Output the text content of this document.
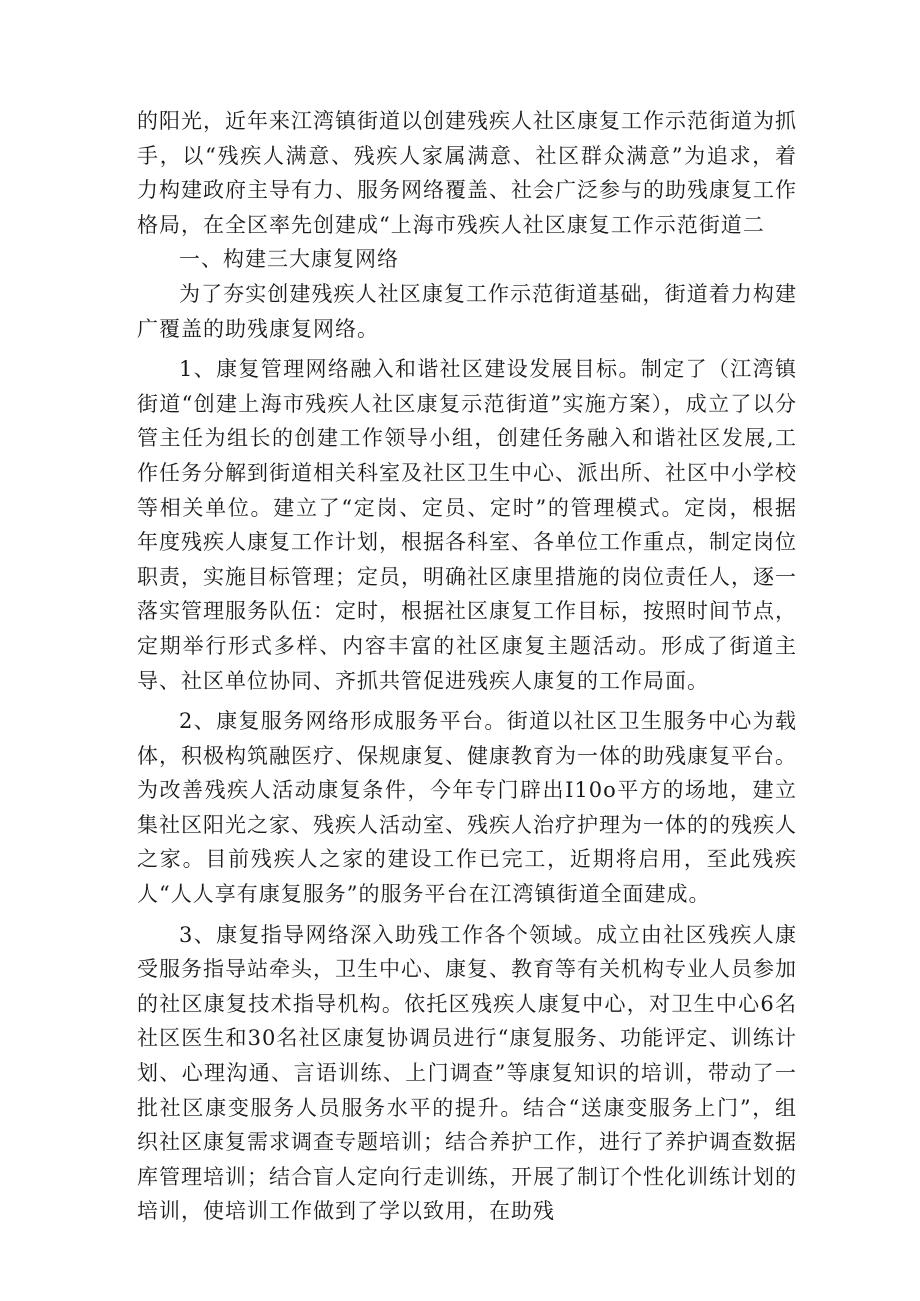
的阳光，近年来江湾镇街道以创建残疾人社区康复工作示范街道为抓手，以“残疾人满意、残疾人家属满意、社区群众满意”为追求，着力构建政府主导有力、服务网络覆盖、社会广泛参与的助残康复工作格局，在全区率先创建成“上海市残疾人社区康复工作示范街道二

一、构建三大康复网络

为了夯实创建残疾人社区康复工作示范街道基础，街道着力构建广覆盖的助残康复网络。

1、康复管理网络融入和谐社区建设发展目标。制定了（江湾镇街道“创建上海市残疾人社区康复示范街道”实施方案），成立了以分管主任为组长的创建工作领导小组，创建任务融入和谐社区发展,工作任务分解到街道相关科室及社区卫生中心、派出所、社区中小学校等相关单位。建立了“定岗、定员、定时”的管理模式。定岗，根据年度残疾人康复工作计划，根据各科室、各单位工作重点，制定岗位职责，实施目标管理；定员，明确社区康里措施的岗位责任人，逐一落实管理服务队伍：定时，根据社区康复工作目标，按照时间节点，定期举行形式多样、内容丰富的社区康复主题活动。形成了街道主导、社区单位协同、齐抓共管促进残疾人康复的工作局面。

2、康复服务网络形成服务平台。街道以社区卫生服务中心为载体，积极构筑融医疗、保规康复、健康教育为一体的助残康复平台。为改善残疾人活动康复条件，今年专门辟出I10o平方的场地，建立集社区阳光之家、残疾人活动室、残疾人治疗护理为一体的的残疾人之家。目前残疾人之家的建设工作已完工，近期将启用，至此残疾人“人人享有康复服务”的服务平台在江湾镇街道全面建成。

3、康复指导网络深入助残工作各个领域。成立由社区残疾人康受服务指导站牵头，卫生中心、康复、教育等有关机构专业人员参加的社区康复技术指导机构。依托区残疾人康复中心，对卫生中心6名社区医生和30名社区康复协调员进行“康复服务、功能评定、训练计划、心理沟通、言语训练、上门调查”等康复知识的培训，带动了一批社区康变服务人员服务水平的提升。结合“送康变服务上门”，组织社区康复需求调查专题培训；结合养护工作，进行了养护调查数据库管理培训；结合盲人定向行走训练，开展了制订个性化训练计划的培训，使培训工作做到了学以致用，在助残
